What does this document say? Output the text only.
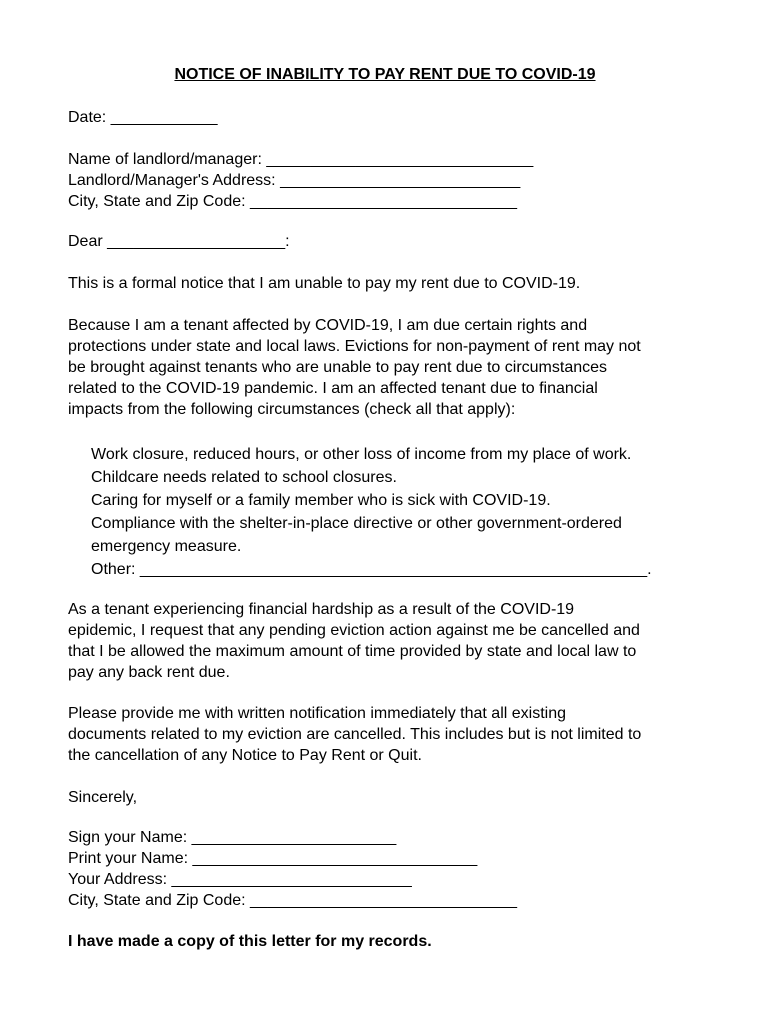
NOTICE OF INABILITY TO PAY RENT DUE TO COVID-19
Date: ____________
Name of landlord/manager: ______________________________
Landlord/Manager's Address: ___________________________
City, State and Zip Code: ______________________________
Dear ____________________:
This is a formal notice that I am unable to pay my rent due to COVID-19.
Because I am a tenant affected by COVID-19, I am due certain rights and
protections under state and local laws. Evictions for non-payment of rent may not
be brought against tenants who are unable to pay rent due to circumstances
related to the COVID-19 pandemic. I am an affected tenant due to financial
impacts from the following circumstances (check all that apply):
Work closure, reduced hours, or other loss of income from my place of work.
Childcare needs related to school closures.
Caring for myself or a family member who is sick with COVID-19.
Compliance with the shelter-in-place directive or other government-ordered
emergency measure.
Other: _________________________________________________________.
As a tenant experiencing financial hardship as a result of the COVID-19
epidemic, I request that any pending eviction action against me be cancelled and
that I be allowed the maximum amount of time provided by state and local law to
pay any back rent due.
Please provide me with written notification immediately that all existing
documents related to my eviction are cancelled. This includes but is not limited to
the cancellation of any Notice to Pay Rent or Quit.
Sincerely,
Sign your Name: _______________________
Print your Name: ________________________________
Your Address: ___________________________
City, State and Zip Code: ______________________________
I have made a copy of this letter for my records.
